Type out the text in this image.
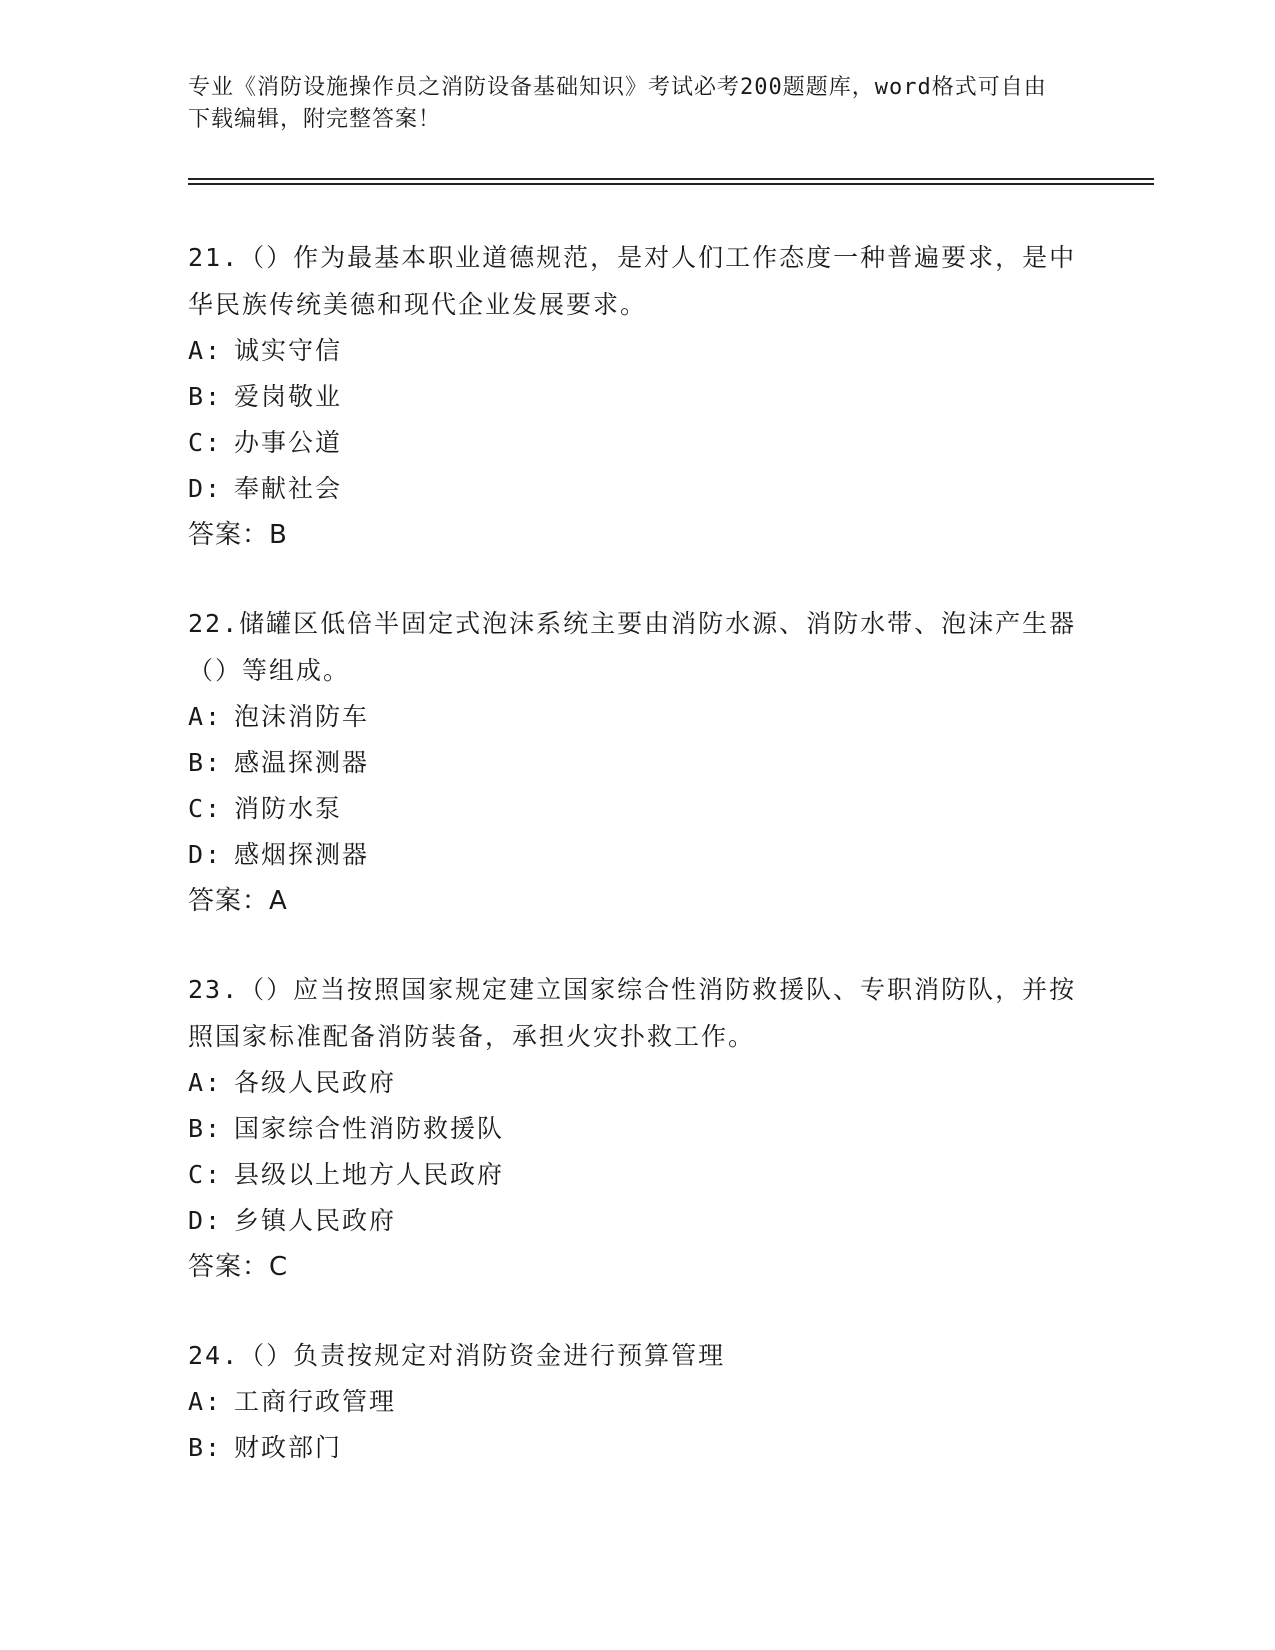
专业《消防设施操作员之消防设备基础知识》考试必考200题题库，word格式可自由下载编辑，附完整答案！

21.（）作为最基本职业道德规范，是对人们工作态度一种普遍要求，是中华民族传统美德和现代企业发展要求。

A: 诚实守信

B: 爱岗敬业

C: 办事公道

D: 奉献社会

答案：B

22.储罐区低倍半固定式泡沫系统主要由消防水源、消防水带、泡沫产生器（）等组成。

A: 泡沫消防车

B: 感温探测器

C: 消防水泵

D: 感烟探测器

答案：A

23.（）应当按照国家规定建立国家综合性消防救援队、专职消防队，并按照国家标准配备消防装备，承担火灾扑救工作。

A: 各级人民政府

B: 国家综合性消防救援队

C: 县级以上地方人民政府

D: 乡镇人民政府

答案：C

24.（）负责按规定对消防资金进行预算管理

A: 工商行政管理

B: 财政部门
